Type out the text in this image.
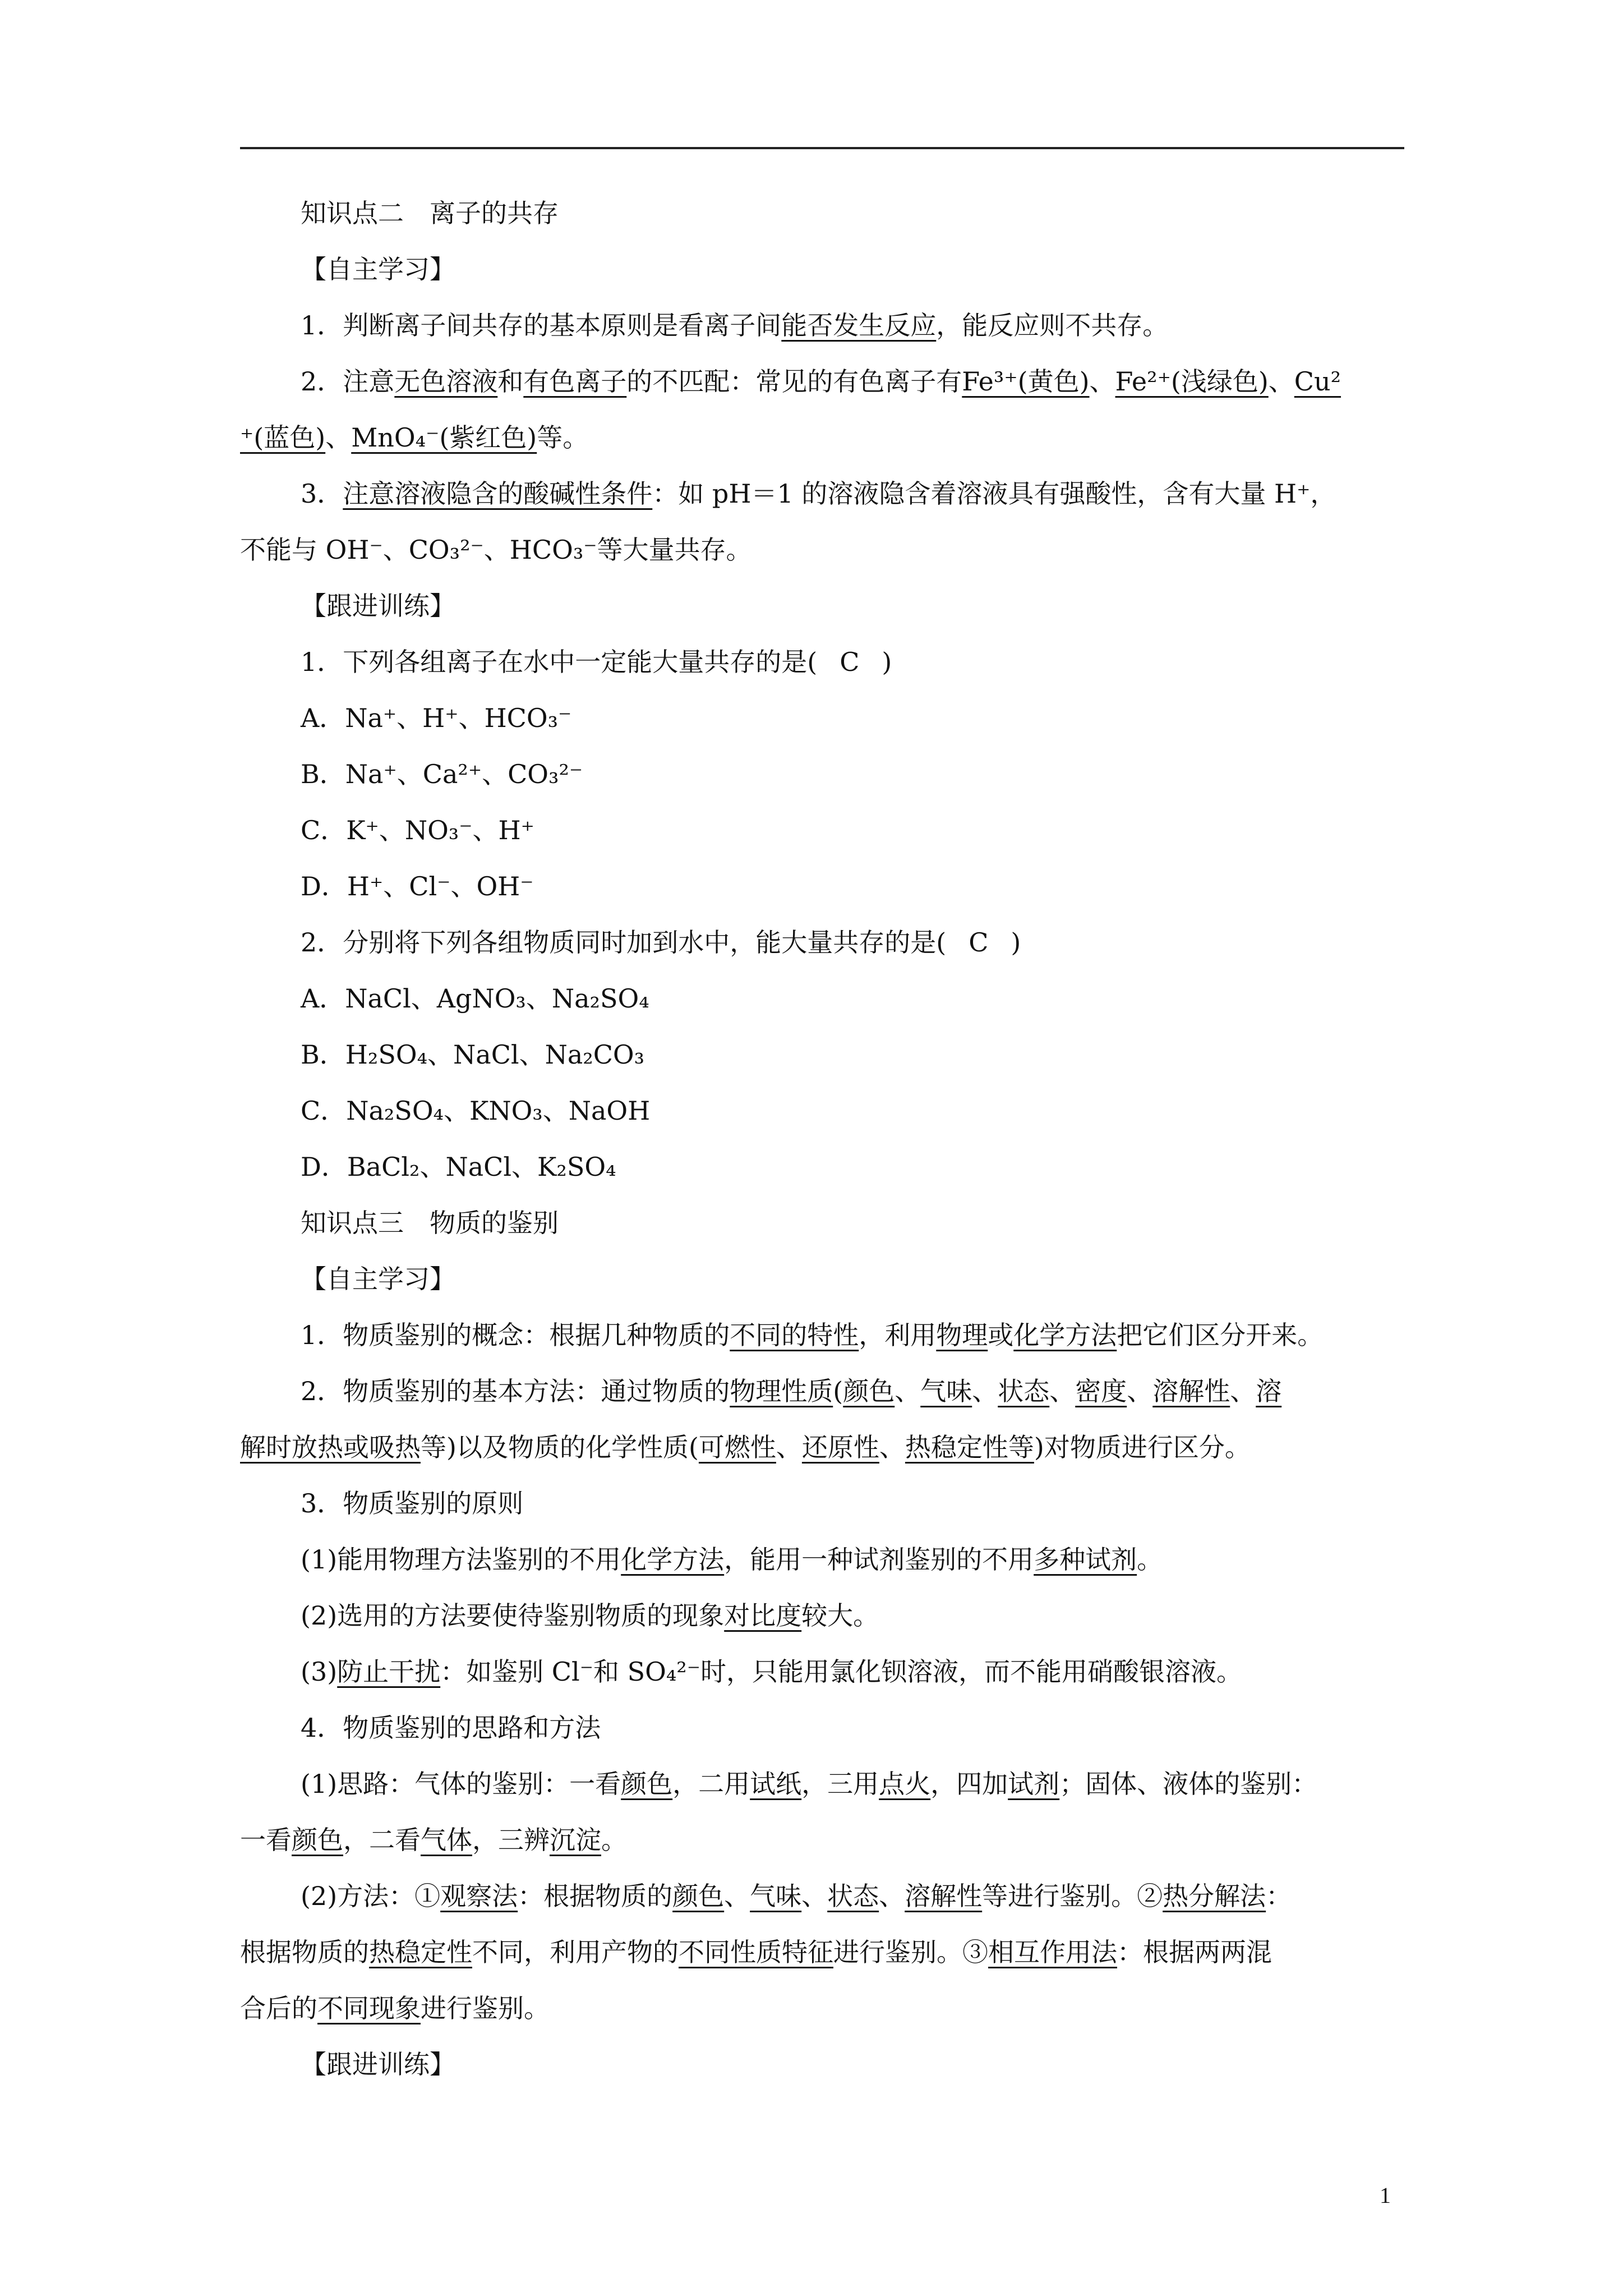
知识点二　离子的共存

【自主学习】

1．判断离子间共存的基本原则是看离子间能否发生反应，能反应则不共存。

2．注意无色溶液和有色离子的不匹配：常见的有色离子有Fe³⁺(黄色)、Fe²⁺(浅绿色)、Cu²

⁺(蓝色)、MnO₄⁻(紫红色)等。

3．注意溶液隐含的酸碱性条件：如 pH＝1 的溶液隐含着溶液具有强酸性，含有大量 H⁺，

不能与 OH⁻、CO₃²⁻、HCO₃⁻等大量共存。

【跟进训练】

1．下列各组离子在水中一定能大量共存的是( C )

A．Na⁺、H⁺、HCO₃⁻

B．Na⁺、Ca²⁺、CO₃²⁻

C．K⁺、NO₃⁻、H⁺

D．H⁺、Cl⁻、OH⁻

2．分别将下列各组物质同时加到水中，能大量共存的是( C )

A．NaCl、AgNO₃、Na₂SO₄

B．H₂SO₄、NaCl、Na₂CO₃

C．Na₂SO₄、KNO₃、NaOH

D．BaCl₂、NaCl、K₂SO₄

知识点三　物质的鉴别

【自主学习】

1．物质鉴别的概念：根据几种物质的不同的特性，利用物理或化学方法把它们区分开来。

2．物质鉴别的基本方法：通过物质的物理性质(颜色、气味、状态、密度、溶解性、溶

解时放热或吸热等)以及物质的化学性质(可燃性、还原性、热稳定性等)对物质进行区分。

3．物质鉴别的原则

(1)能用物理方法鉴别的不用化学方法，能用一种试剂鉴别的不用多种试剂。

(2)选用的方法要使待鉴别物质的现象对比度较大。

(3)防止干扰：如鉴别 Cl⁻和 SO₄²⁻时，只能用氯化钡溶液，而不能用硝酸银溶液。

4．物质鉴别的思路和方法

(1)思路：气体的鉴别：一看颜色，二用试纸，三用点火，四加试剂；固体、液体的鉴别：

一看颜色，二看气体，三辨沉淀。

(2)方法：①观察法：根据物质的颜色、气味、状态、溶解性等进行鉴别。②热分解法：

根据物质的热稳定性不同，利用产物的不同性质特征进行鉴别。③相互作用法：根据两两混

合后的不同现象进行鉴别。

【跟进训练】

1
